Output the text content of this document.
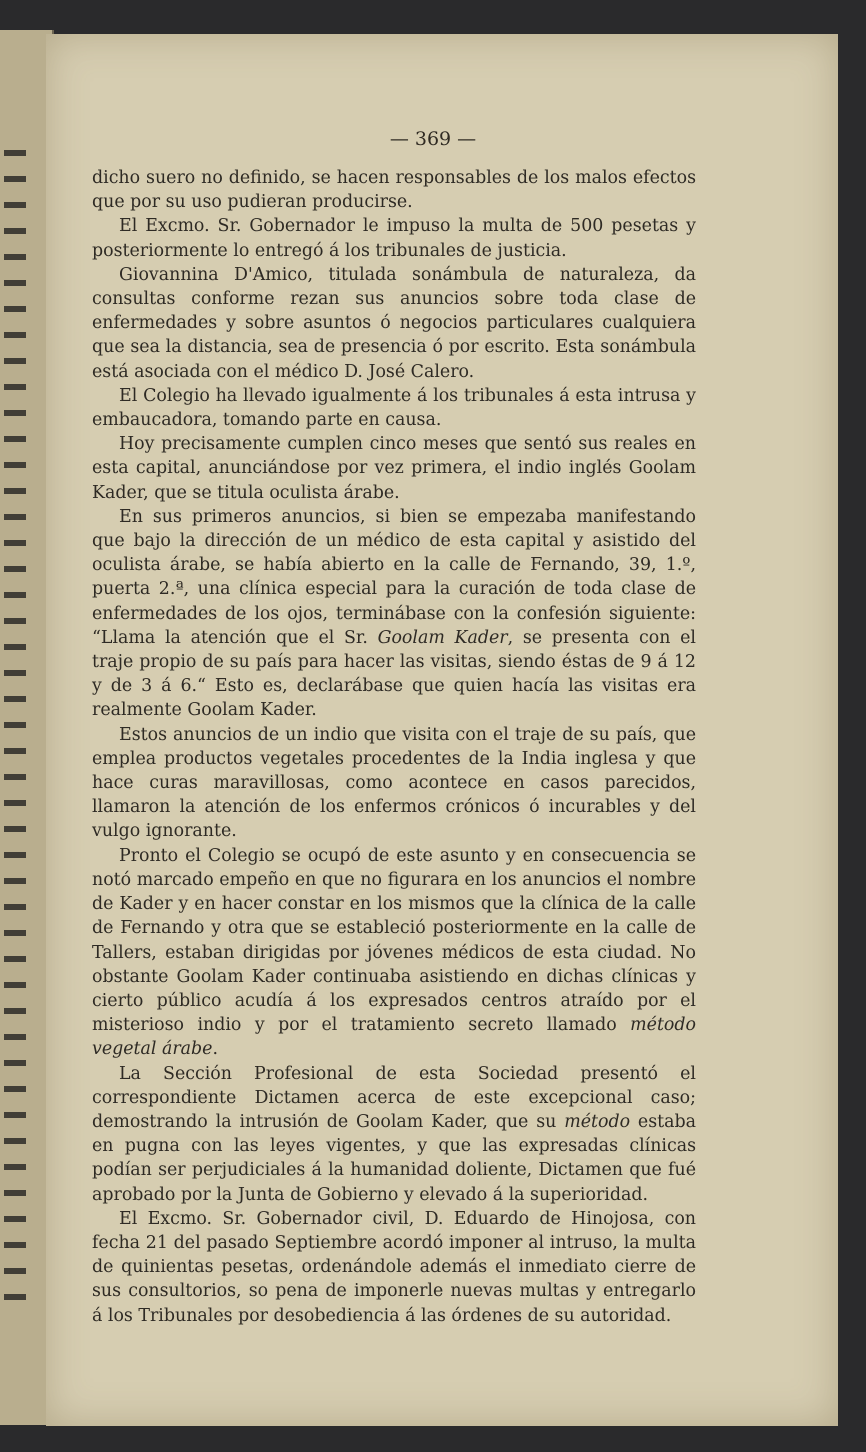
— 369 —

dicho suero no definido, se hacen responsables de los malos efectos que por su uso pudieran producirse.

El Excmo. Sr. Gobernador le impuso la multa de 500 pesetas y posteriormente lo entregó á los tribunales de justicia.

Giovannina D'Amico, titulada sonámbula de naturaleza, da consultas conforme rezan sus anuncios sobre toda clase de enfermedades y sobre asuntos ó negocios particulares cualquiera que sea la distancia, sea de presencia ó por escrito. Esta sonámbula está asociada con el médico D. José Calero.

El Colegio ha llevado igualmente á los tribunales á esta intrusa y embaucadora, tomando parte en causa.

Hoy precisamente cumplen cinco meses que sentó sus reales en esta capital, anunciándose por vez primera, el indio inglés Goolam Kader, que se titula oculista árabe.

En sus primeros anuncios, si bien se empezaba manifestando que bajo la dirección de un médico de esta capital y asistido del oculista árabe, se había abierto en la calle de Fernando, 39, 1.º, puerta 2.ª, una clínica especial para la curación de toda clase de enfermedades de los ojos, terminábase con la confesión siguiente: “Llama la atención que el Sr. Goolam Kader, se presenta con el traje propio de su país para hacer las visitas, siendo éstas de 9 á 12 y de 3 á 6.“ Esto es, declarábase que quien hacía las visitas era realmente Goolam Kader.

Estos anuncios de un indio que visita con el traje de su país, que emplea productos vegetales procedentes de la India inglesa y que hace curas maravillosas, como acontece en casos parecidos, llamaron la atención de los enfermos crónicos ó incurables y del vulgo ignorante.

Pronto el Colegio se ocupó de este asunto y en consecuencia se notó marcado empeño en que no figurara en los anuncios el nombre de Kader y en hacer constar en los mismos que la clínica de la calle de Fernando y otra que se estableció posteriormente en la calle de Tallers, estaban dirigidas por jóvenes médicos de esta ciudad. No obstante Goolam Kader continuaba asistiendo en dichas clínicas y cierto público acudía á los expresados centros atraído por el misterioso indio y por el tratamiento secreto llamado método vegetal árabe.

La Sección Profesional de esta Sociedad presentó el correspondiente Dictamen acerca de este excepcional caso; demostrando la intrusión de Goolam Kader, que su método estaba en pugna con las leyes vigentes, y que las expresadas clínicas podían ser perjudiciales á la humanidad doliente, Dictamen que fué aprobado por la Junta de Gobierno y elevado á la superioridad.

El Excmo. Sr. Gobernador civil, D. Eduardo de Hinojosa, con fecha 21 del pasado Septiembre acordó imponer al intruso, la multa de quinientas pesetas, ordenándole además el inmediato cierre de sus consultorios, so pena de imponerle nuevas multas y entregarlo á los Tribunales por desobediencia á las órdenes de su autoridad.
